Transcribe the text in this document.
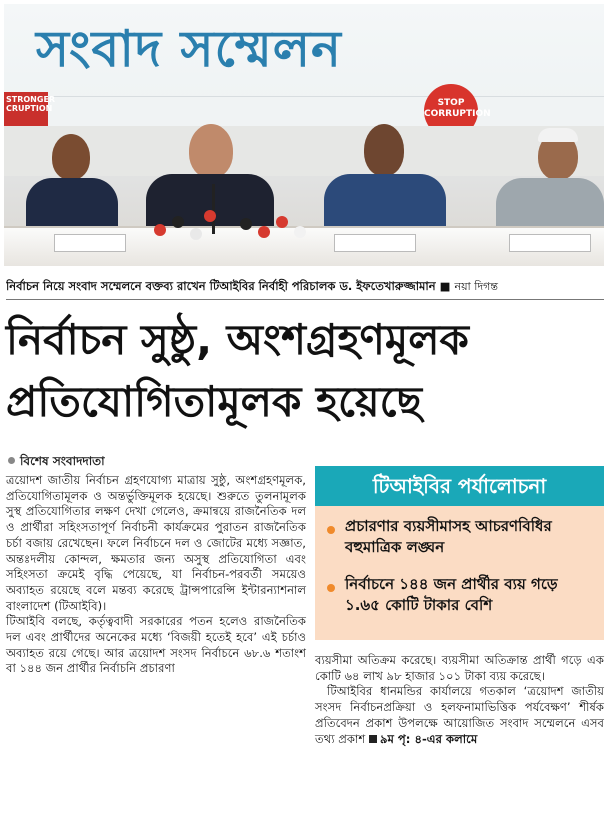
সংবাদ সম্মেলন
STRONGER CRUPTION
STOP CORRUPTION
নির্বাচন নিয়ে সংবাদ সম্মেলনে বক্তব্য রাখেন টিআইবির নির্বাহী পরিচালক ড. ইফতেখারুজ্জামান ■ নয়া দিগন্ত
নির্বাচন সুষ্ঠু, অংশগ্রহণমূলক
প্রতিযোগিতামূলক হয়েছে
বিশেষ সংবাদদাতা

ত্রয়োদশ জাতীয় নির্বাচন গ্রহণযোগ্য মাত্রায় সুষ্ঠু, অংশগ্রহণমূলক, প্রতিযোগিতামূলক ও অন্তর্ভুক্তিমূলক হয়েছে। শুরুতে তুলনামূলক সুস্থ প্রতিযোগিতার লক্ষণ দেখা গেলেও, ক্রমান্বয়ে রাজনৈতিক দল ও প্রার্থীরা সহিংসতাপূর্ণ নির্বাচনী কার্যক্রমের পুরাতন রাজনৈতিক চর্চা বজায় রেখেছেন। ফলে নির্বাচনে দল ও জোটের মধ্যে সজ্ঞাত, অন্তঃদলীয় কোন্দল, ক্ষমতার জন্য অসুস্থ প্রতিযোগিতা এবং সহিংসতা ক্রমেই বৃদ্ধি পেয়েছে, যা নির্বাচন-পরবর্তী সময়েও অব্যাহত রয়েছে বলে মন্তব্য করেছে ট্রান্সপারেন্সি ইন্টারন্যাশনাল বাংলাদেশ (টিআইবি)।

টিআইবি বলছে, কর্তৃত্ববাদী সরকারের পতন হলেও রাজনৈতিক দল এবং প্রার্থীদের অনেকের মধ্যে ‘বিজয়ী হতেই হবে’ এই চর্চাও অব্যাহত রয়ে গেছে। আর ত্রয়োদশ সংসদ নির্বাচনে ৬৮.৬ শতাংশ বা ১৪৪ জন প্রার্থীর নির্বাচনি প্রচারণা

টিআইবির পর্যালোচনা
প্রচারণার ব্যয়সীমাসহ আচরণবিধির বহুমাত্রিক লঙ্ঘন
নির্বাচনে ১৪৪ জন প্রার্থীর ব্যয় গড়ে ১.৬৫ কোটি টাকার বেশি

ব্যয়সীমা অতিক্রম করেছে। ব্যয়সীমা অতিক্রান্ত প্রার্থী গড়ে এক কোটি ৬৪ লাখ ৯৮ হাজার ১০১ টাকা ব্যয় করেছে।

টিআইবির ধানমন্ডির কার্যালয়ে গতকাল ‘ত্রয়োদশ জাতীয় সংসদ নির্বাচনপ্রক্রিয়া ও হলফনামাভিত্তিক পর্যবেক্ষণ’ শীর্ষক প্রতিবেদন প্রকাশ উপলক্ষে আয়োজিত সংবাদ সম্মেলনে এসব তথ্য প্রকাশ ৯ম পৃ: ৪-এর কলামে
